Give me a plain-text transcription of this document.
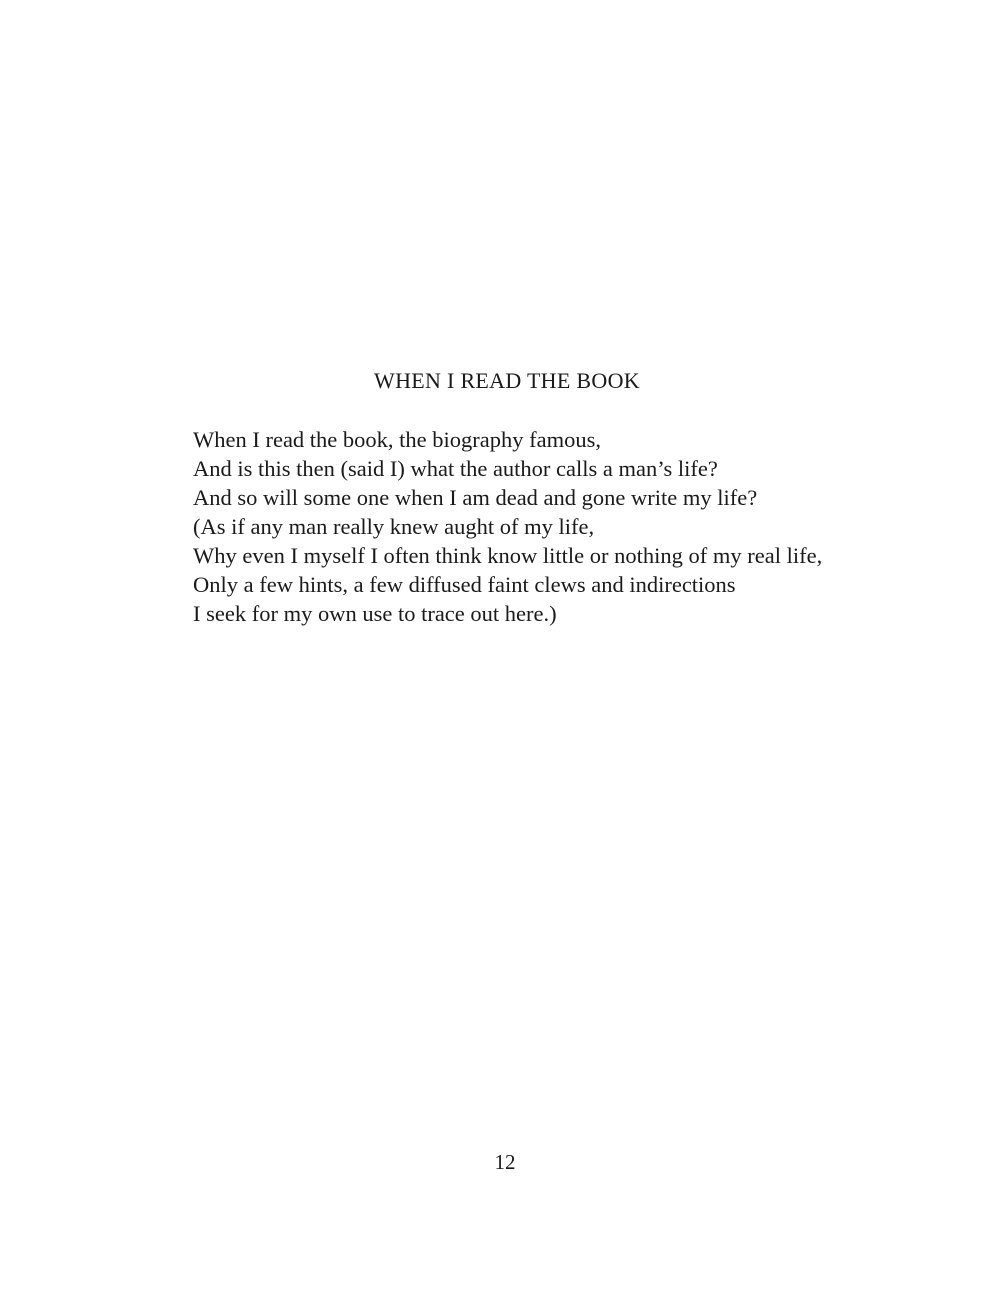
WHEN I READ THE BOOK

When I read the book, the biography famous,

And is this then (said I) what the author calls a man’s life?

And so will some one when I am dead and gone write my life?

(As if any man really knew aught of my life,

Why even I myself I often think know little or nothing of my real life,

Only a few hints, a few diffused faint clews and indirections

I seek for my own use to trace out here.)

12
